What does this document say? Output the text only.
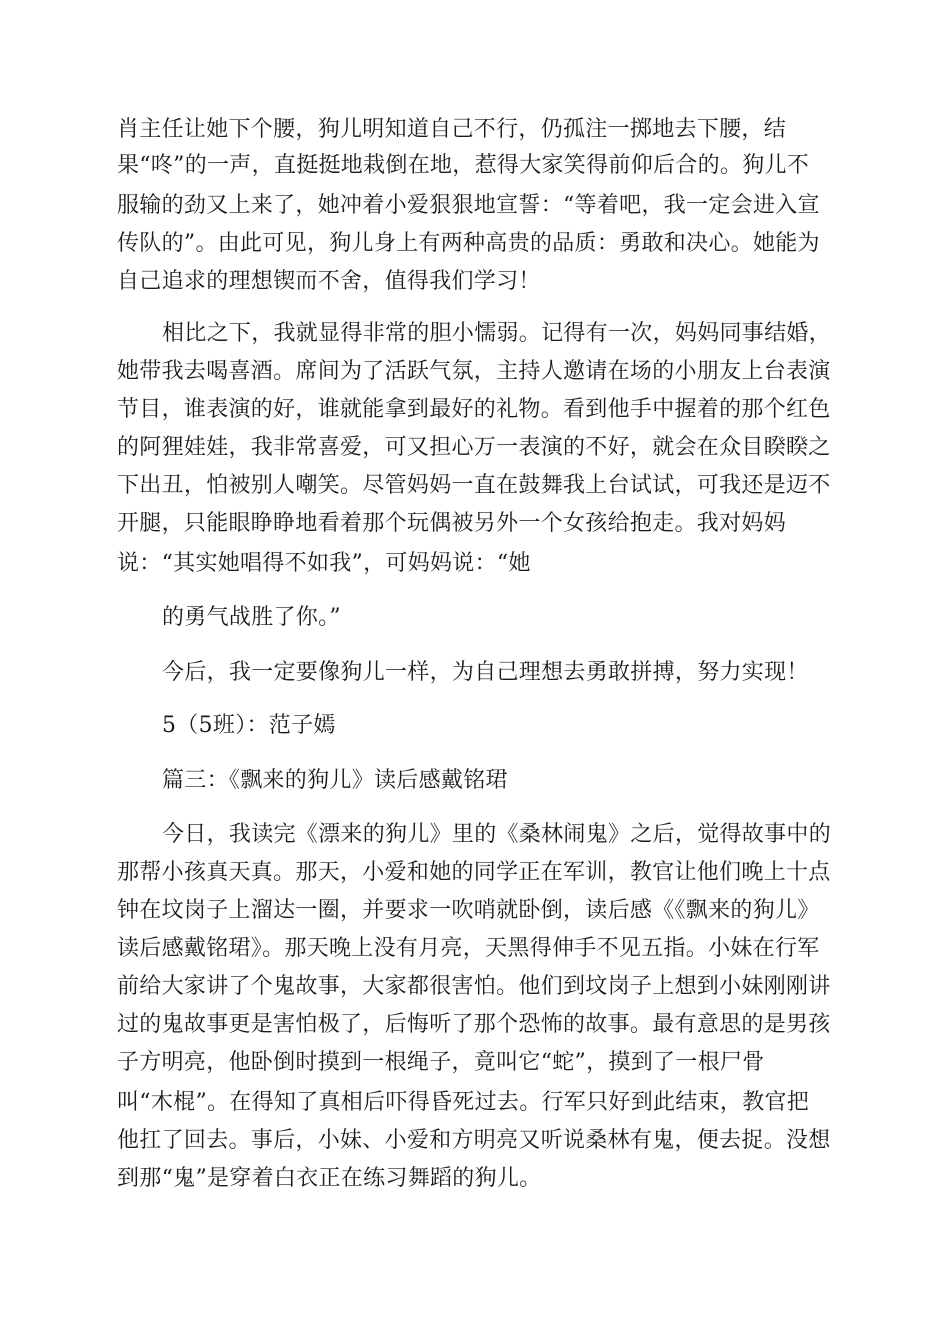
肖主任让她下个腰，狗儿明知道自己不行，仍孤注一掷地去下腰，结
果“咚”的一声，直挺挺地栽倒在地，惹得大家笑得前仰后合的。狗儿不
服输的劲又上来了，她冲着小爱狠狠地宣誓：“等着吧，我一定会进入宣
传队的”。由此可见，狗儿身上有两种高贵的品质：勇敢和决心。她能为
自己追求的理想锲而不舍，值得我们学习！
相比之下，我就显得非常的胆小懦弱。记得有一次，妈妈同事结婚，
她带我去喝喜酒。席间为了活跃气氛，主持人邀请在场的小朋友上台表演
节目，谁表演的好，谁就能拿到最好的礼物。看到他手中握着的那个红色
的阿狸娃娃，我非常喜爱，可又担心万一表演的不好，就会在众目睽睽之
下出丑，怕被别人嘲笑。尽管妈妈一直在鼓舞我上台试试，可我还是迈不
开腿，只能眼睁睁地看着那个玩偶被另外一个女孩给抱走。我对妈妈
说：“其实她唱得不如我”，可妈妈说：“她
的勇气战胜了你。”
今后，我一定要像狗儿一样，为自己理想去勇敢拼搏，努力实现！
5（5班）：范子嫣
篇三：《飘来的狗儿》读后感戴铭珺
今日，我读完《漂来的狗儿》里的《桑林闹鬼》之后，觉得故事中的
那帮小孩真天真。那天，小爱和她的同学正在军训，教官让他们晚上十点
钟在坟岗子上溜达一圈，并要求一吹哨就卧倒，读后感《《飘来的狗儿》
读后感戴铭珺》。那天晚上没有月亮，天黑得伸手不见五指。小妹在行军
前给大家讲了个鬼故事，大家都很害怕。他们到坟岗子上想到小妹刚刚讲
过的鬼故事更是害怕极了，后悔听了那个恐怖的故事。最有意思的是男孩
子方明亮，他卧倒时摸到一根绳子，竟叫它“蛇”，摸到了一根尸骨
叫“木棍”。在得知了真相后吓得昏死过去。行军只好到此结束，教官把
他扛了回去。事后，小妹、小爱和方明亮又听说桑林有鬼，便去捉。没想
到那“鬼”是穿着白衣正在练习舞蹈的狗儿。
